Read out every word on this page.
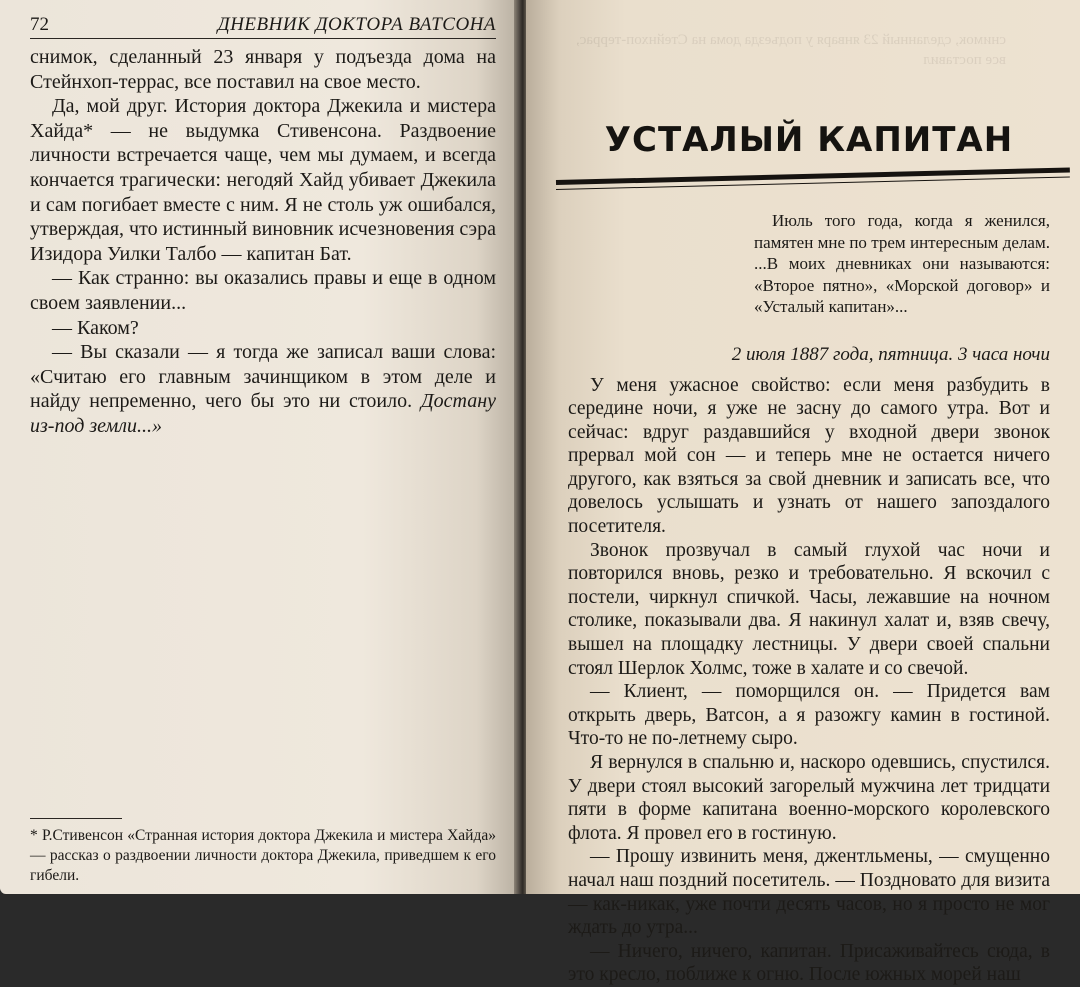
72	ДНЕВНИК ДОКТОРА ВАТСОНА

снимок, сделанный 23 января у подъезда дома на Стейнхоп-террас, все поставил на свое место.

Да, мой друг. История доктора Джекила и мистера Хайда* — не выдумка Стивенсона. Раздвоение личности встречается чаще, чем мы думаем, и всегда кончается трагически: негодяй Хайд убивает Джекила и сам погибает вместе с ним. Я не столь уж ошибался, утверждая, что истинный виновник исчезновения сэра Изидора Уилки Талбо — капитан Бат.

— Как странно: вы оказались правы и еще в одном своем заявлении...

— Каком?

— Вы сказали — я тогда же записал ваши слова: «Считаю его главным зачинщиком в этом деле и найду непременно, чего бы это ни стоило. Достану из-под земли...»

* Р.Стивенсон «Странная история доктора Джекила и мистера Хайда» — рассказ о раздвоении личности доктора Джекила, приведшем к его гибели.
снимок, сделанный 23 января у подъезда дома на Стейнхоп-террас, все поставил
УСТАЛЫЙ КАПИТАН

Июль того года, когда я женился, памятен мне по трем интересным делам. ...В моих дневниках они называются: «Второе пятно», «Морской договор» и «Усталый капитан»...

2 июля 1887 года, пятница. 3 часа ночи

У меня ужасное свойство: если меня разбудить в середине ночи, я уже не засну до самого утра. Вот и сейчас: вдруг раздавшийся у входной двери звонок прервал мой сон — и теперь мне не остается ничего другого, как взяться за свой дневник и записать все, что довелось услышать и узнать от нашего запоздалого посетителя.

Звонок прозвучал в самый глухой час ночи и повторился вновь, резко и требовательно. Я вскочил с постели, чиркнул спичкой. Часы, лежавшие на ночном столике, показывали два. Я накинул халат и, взяв свечу, вышел на площадку лестницы. У двери своей спальни стоял Шерлок Холмс, тоже в халате и со свечой.

— Клиент, — поморщился он. — Придется вам открыть дверь, Ватсон, а я разожгу камин в гостиной. Что-то не по-летнему сыро.

Я вернулся в спальню и, наскоро одевшись, спустился. У двери стоял высокий загорелый мужчина лет тридцати пяти в форме капитана военно-морского королевского флота. Я провел его в гостиную.

— Прошу извинить меня, джентльмены, — смущенно начал наш поздний посетитель. — Поздновато для визита — как-никак, уже почти десять часов, но я просто не мог ждать до утра...

— Ничего, ничего, капитан. Присаживайтесь сюда, в это кресло, поближе к огню. После южных морей наш
